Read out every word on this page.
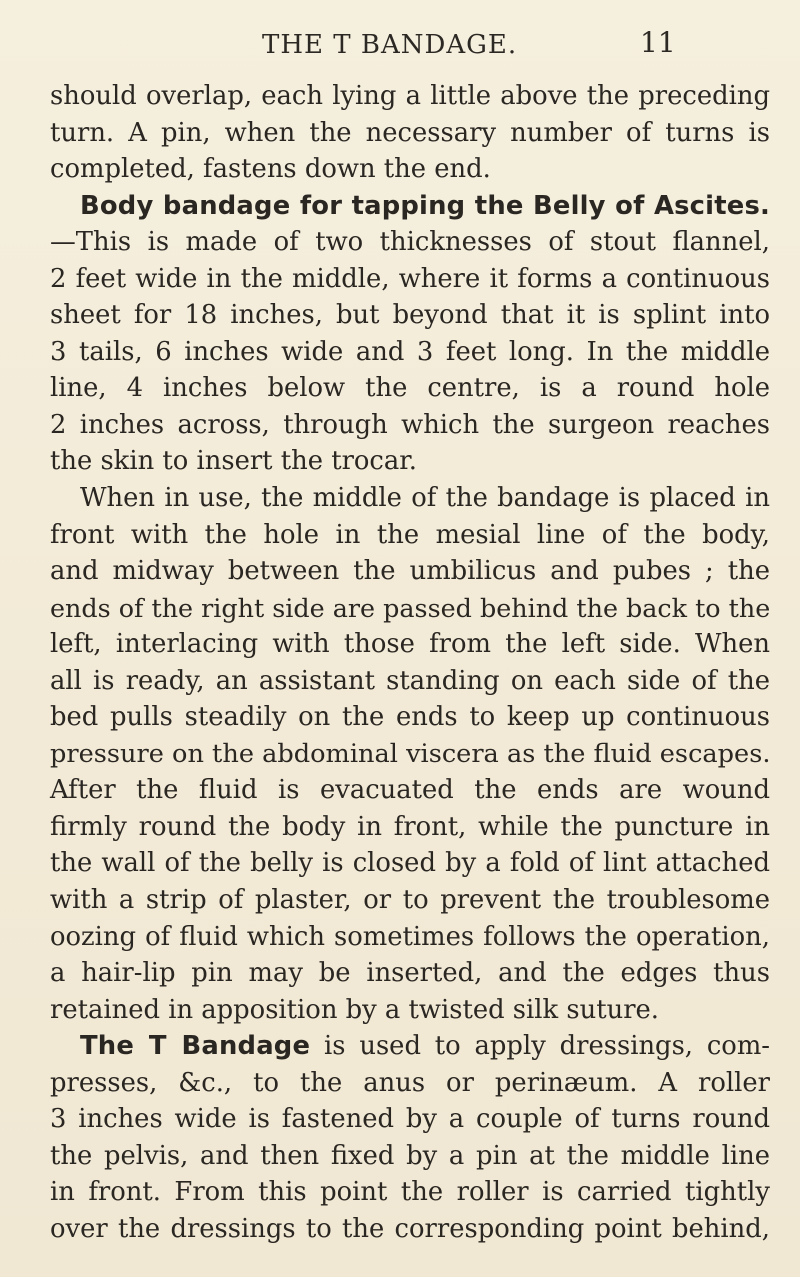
THE T BANDAGE.	11
should overlap, each lying a little above the preceding
turn. A pin, when the necessary number of turns is
completed, fastens down the end.
Body bandage for tapping the Belly of Ascites.
—This is made of two thicknesses of stout flannel,
2 feet wide in the middle, where it forms a continuous
sheet for 18 inches, but beyond that it is splint into
3 tails, 6 inches wide and 3 feet long. In the middle
line, 4 inches below the centre, is a round hole
2 inches across, through which the surgeon reaches
the skin to insert the trocar.
When in use, the middle of the bandage is placed in
front with the hole in the mesial line of the body,
and midway between the umbilicus and pubes ; the
ends of the right side are passed behind the back to the
left, interlacing with those from the left side. When
all is ready, an assistant standing on each side of the
bed pulls steadily on the ends to keep up continuous
pressure on the abdominal viscera as the fluid escapes.
After the fluid is evacuated the ends are wound
firmly round the body in front, while the puncture in
the wall of the belly is closed by a fold of lint attached
with a strip of plaster, or to prevent the troublesome
oozing of fluid which sometimes follows the operation,
a hair-lip pin may be inserted, and the edges thus
retained in apposition by a twisted silk suture.
The T Bandage is used to apply dressings, com-
presses, &c., to the anus or perinæum. A roller
3 inches wide is fastened by a couple of turns round
the pelvis, and then fixed by a pin at the middle line
in front. From this point the roller is carried tightly
over the dressings to the corresponding point behind,
